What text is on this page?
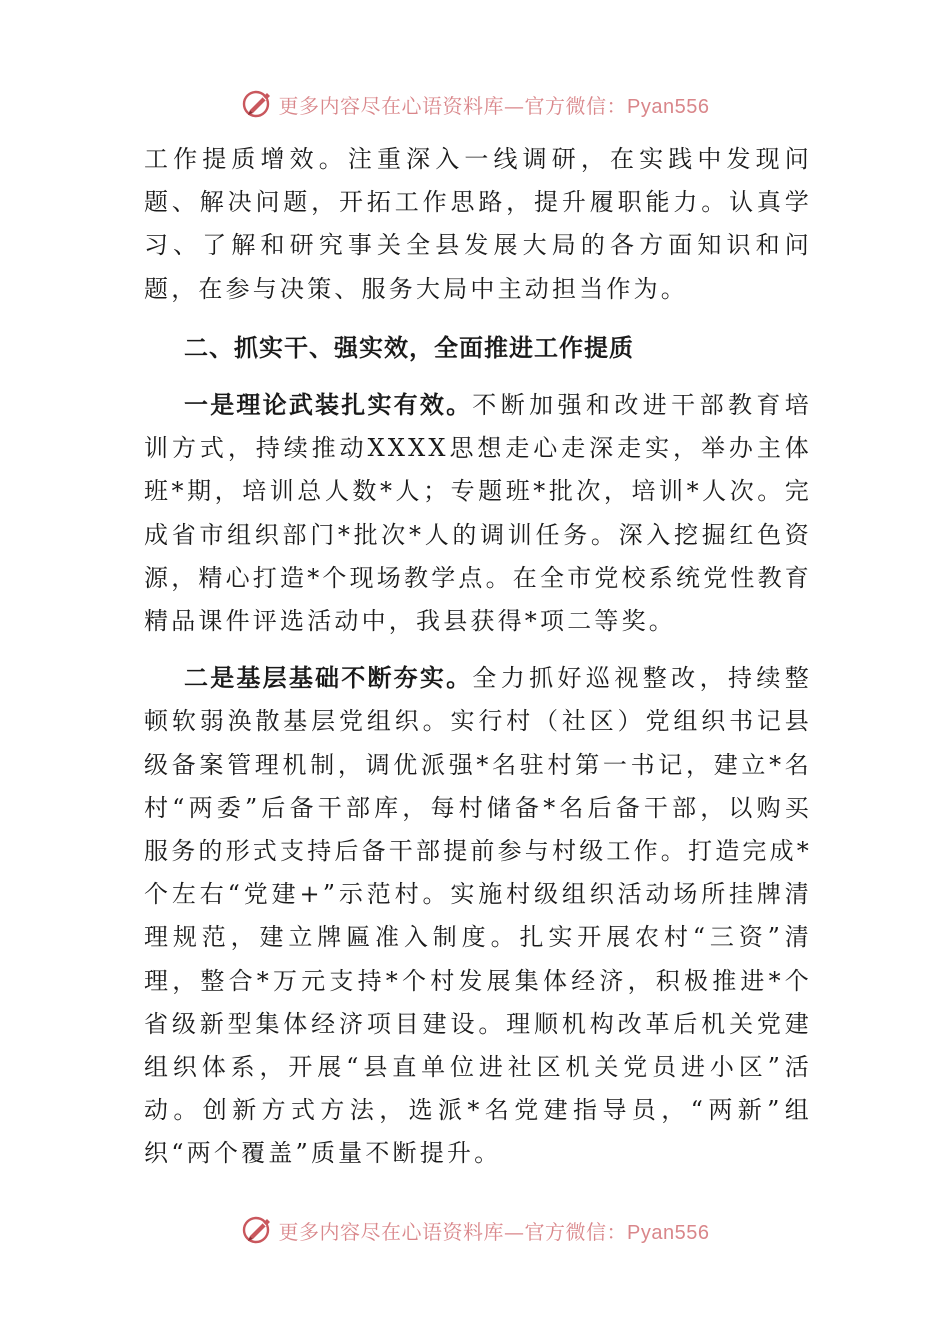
更多内容尽在心语资料库—官方微信：Pyan556

工作提质增效。注重深入一线调研，在实践中发现问题、解决问题，开拓工作思路，提升履职能力。认真学习、了解和研究事关全县发展大局的各方面知识和问题，在参与决策、服务大局中主动担当作为。

二、抓实干、强实效，全面推进工作提质

一是理论武装扎实有效。不断加强和改进干部教育培训方式，持续推动XXXX思想走心走深走实，举办主体班*期，培训总人数*人；专题班*批次，培训*人次。完成省市组织部门*批次*人的调训任务。深入挖掘红色资源，精心打造*个现场教学点。在全市党校系统党性教育精品课件评选活动中，我县获得*项二等奖。

二是基层基础不断夯实。全力抓好巡视整改，持续整顿软弱涣散基层党组织。实行村（社区）党组织书记县级备案管理机制，调优派强*名驻村第一书记，建立*名村“两委”后备干部库，每村储备*名后备干部，以购买服务的形式支持后备干部提前参与村级工作。打造完成*个左右“党建+”示范村。实施村级组织活动场所挂牌清理规范，建立牌匾准入制度。扎实开展农村“三资”清理，整合*万元支持*个村发展集体经济，积极推进*个省级新型集体经济项目建设。理顺机构改革后机关党建组织体系，开展“县直单位进社区机关党员进小区”活动。创新方式方法，选派*名党建指导员，“两新”组织“两个覆盖”质量不断提升。

更多内容尽在心语资料库—官方微信：Pyan556
